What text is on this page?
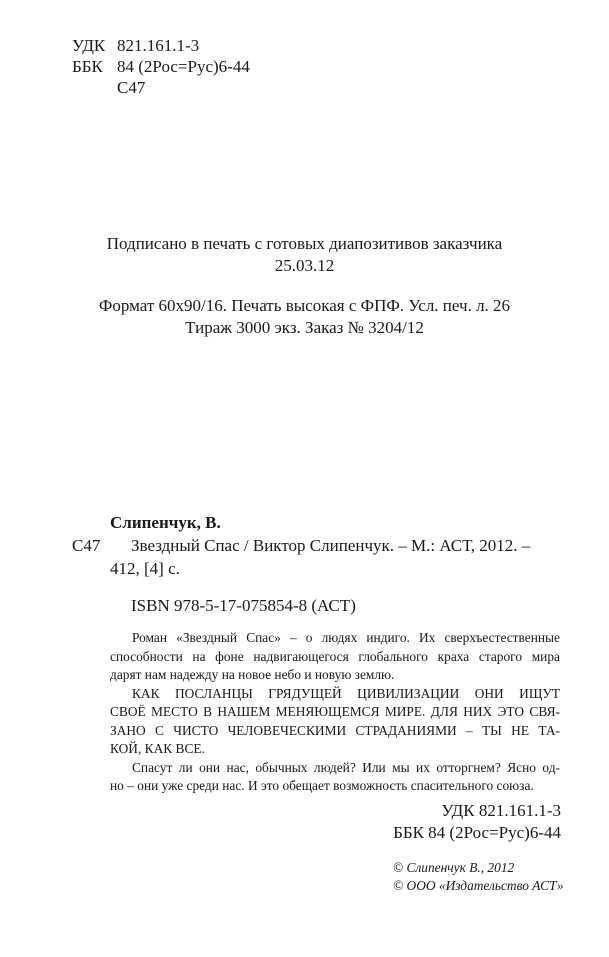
УДК 821.161.1-3
ББК 84 (2Рос=Рус)6-44
С47
Подписано в печать с готовых диапозитивов заказчика
25.03.12
Формат 60x90/16. Печать высокая с ФПФ. Усл. печ. л. 26
Тираж 3000 экз. Заказ № 3204/12
Слипенчук, В.
С47 Звездный Спас / Виктор Слипенчук. – М.: АСТ, 2012. –
412, [4] с.
ISBN 978-5-17-075854-8 (АСТ)
Роман «Звездный Спас» – о людях индиго. Их сверхъестественные
способности на фоне надвигающегося глобального краха старого мира
дарят нам надежду на новое небо и новую землю.
КАК ПОСЛАНЦЫ ГРЯДУЩЕЙ ЦИВИЛИЗАЦИИ ОНИ ИЩУТ
СВОЁ МЕСТО В НАШЕМ МЕНЯЮЩЕМСЯ МИРЕ. ДЛЯ НИХ ЭТО СВЯ-
ЗАНО С ЧИСТО ЧЕЛОВЕЧЕСКИМИ СТРАДАНИЯМИ – ТЫ НЕ ТА-
КОЙ, КАК ВСЕ.
Спасут ли они нас, обычных людей? Или мы их отторгнем? Ясно од-
но – они уже среди нас. И это обещает возможность спасительного союза.
УДК 821.161.1-3
ББК 84 (2Рос=Рус)6-44
© Слипенчук В., 2012
© ООО «Издательство АСТ»
